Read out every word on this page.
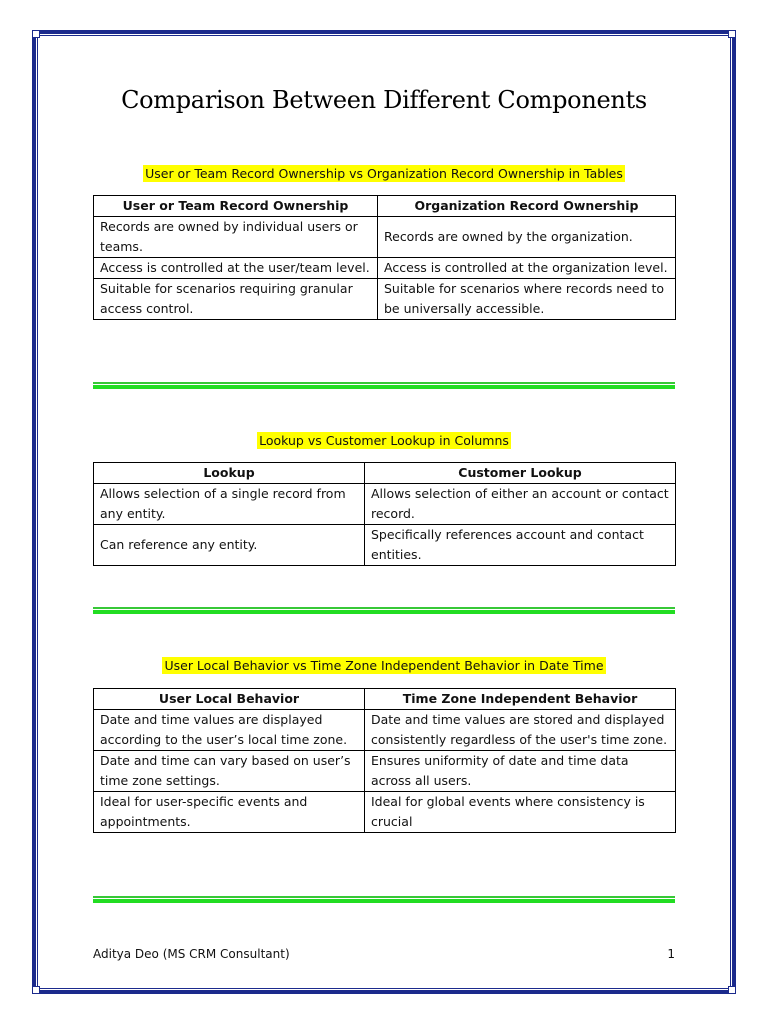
Comparison Between Different Components
User or Team Record Ownership vs Organization Record Ownership in Tables
User or Team Record Ownership	Organization Record Ownership
Records are owned by individual users or teams.	Records are owned by the organization.
Access is controlled at the user/team level.	Access is controlled at the organization level.
Suitable for scenarios requiring granular access control.	Suitable for scenarios where records need to be universally accessible.
Lookup vs Customer Lookup in Columns
Lookup	Customer Lookup
Allows selection of a single record from any entity.	Allows selection of either an account or contact record.
Can reference any entity.	Specifically references account and contact entities.
User Local Behavior vs Time Zone Independent Behavior in Date Time
User Local Behavior	Time Zone Independent Behavior
Date and time values are displayed according to the user’s local time zone.	Date and time values are stored and displayed consistently regardless of the user's time zone.
Date and time can vary based on user’s time zone settings.	Ensures uniformity of date and time data across all users.
Ideal for user-specific events and appointments.	Ideal for global events where consistency is crucial
Aditya Deo (MS CRM Consultant)	1
